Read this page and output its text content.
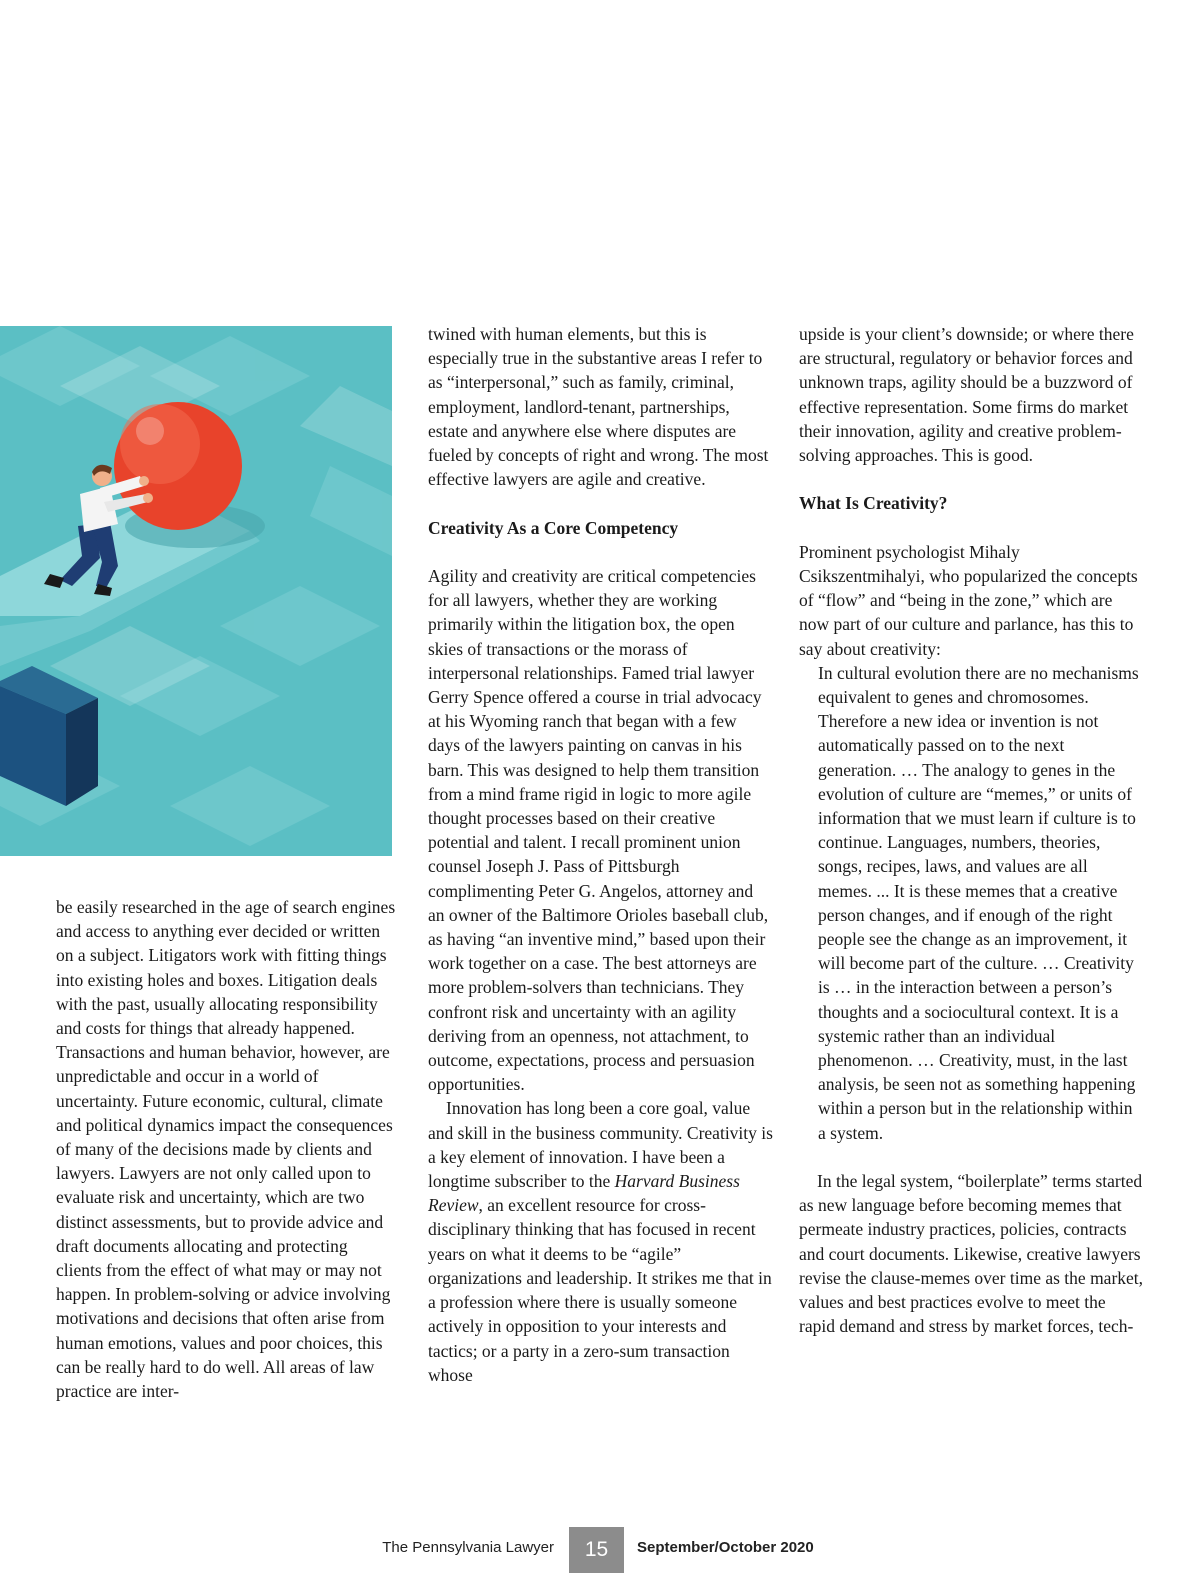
be easily researched in the age of search engines and access to anything ever decided or written on a subject. Litigators work with fitting things into existing holes and boxes. Litigation deals with the past, usually allocating responsibility and costs for things that already happened. Transactions and human behavior, however, are unpredictable and occur in a world of uncertainty. Future economic, cultural, climate and political dynamics impact the consequences of many of the decisions made by clients and lawyers. Lawyers are not only called upon to evaluate risk and uncertainty, which are two distinct assessments, but to provide advice and draft documents allocating and protecting clients from the effect of what may or may not happen. In problem-solving or advice involving motivations and decisions that often arise from human emotions, values and poor choices, this can be really hard to do well. All areas of law practice are inter-

twined with human elements, but this is especially true in the substantive areas I refer to as “interpersonal,” such as family, criminal, employment, landlord-tenant, partnerships, estate and anywhere else where disputes are fueled by concepts of right and wrong. The most effective lawyers are agile and creative.

Creativity As a Core Competency

Agility and creativity are critical competencies for all lawyers, whether they are working primarily within the litigation box, the open skies of transactions or the morass of interpersonal relationships. Famed trial lawyer Gerry Spence offered a course in trial advocacy at his Wyoming ranch that began with a few days of the lawyers painting on canvas in his barn. This was designed to help them transition from a mind frame rigid in logic to more agile thought processes based on their creative potential and talent. I recall prominent union counsel Joseph J. Pass of Pittsburgh complimenting Peter G. Angelos, attorney and an owner of the Baltimore Orioles baseball club, as having “an inventive mind,” based upon their work together on a case. The best attorneys are more problem-solvers than technicians. They confront risk and uncertainty with an agility deriving from an openness, not attachment, to outcome, expectations, process and persuasion opportunities.

Innovation has long been a core goal, value and skill in the business community. Creativity is a key element of innovation. I have been a longtime subscriber to the Harvard Business Review, an excellent resource for cross-disciplinary thinking that has focused in recent years on what it deems to be “agile” organizations and leadership. It strikes me that in a profession where there is usually someone actively in opposition to your interests and tactics; or a party in a zero-sum transaction whose

upside is your client’s downside; or where there are structural, regulatory or behavior forces and unknown traps, agility should be a buzzword of effective representation. Some firms do market their innovation, agility and creative problem-solving approaches. This is good.

What Is Creativity?

Prominent psychologist Mihaly Csikszentmihalyi, who popularized the concepts of “flow” and “being in the zone,” which are now part of our culture and parlance, has this to say about creativity:

In cultural evolution there are no mechanisms equivalent to genes and chromosomes. Therefore a new idea or invention is not automatically passed on to the next generation. … The analogy to genes in the evolution of culture are “memes,” or units of information that we must learn if culture is to continue. Languages, numbers, theories, songs, recipes, laws, and values are all memes. ... It is these memes that a creative person changes, and if enough of the right people see the change as an improvement, it will become part of the culture. … Creativity is … in the interaction between a person’s thoughts and a sociocultural context. It is a systemic rather than an individual phenomenon. … Creativity, must, in the last analysis, be seen not as something happening within a person but in the relationship within a system.

In the legal system, “boilerplate” terms started as new language before becoming memes that permeate industry practices, policies, contracts and court documents. Likewise, creative lawyers revise the clause-memes over time as the market, values and best practices evolve to meet the rapid demand and stress by market forces, tech-

The Pennsylvania Lawyer	15	September/October 2020
